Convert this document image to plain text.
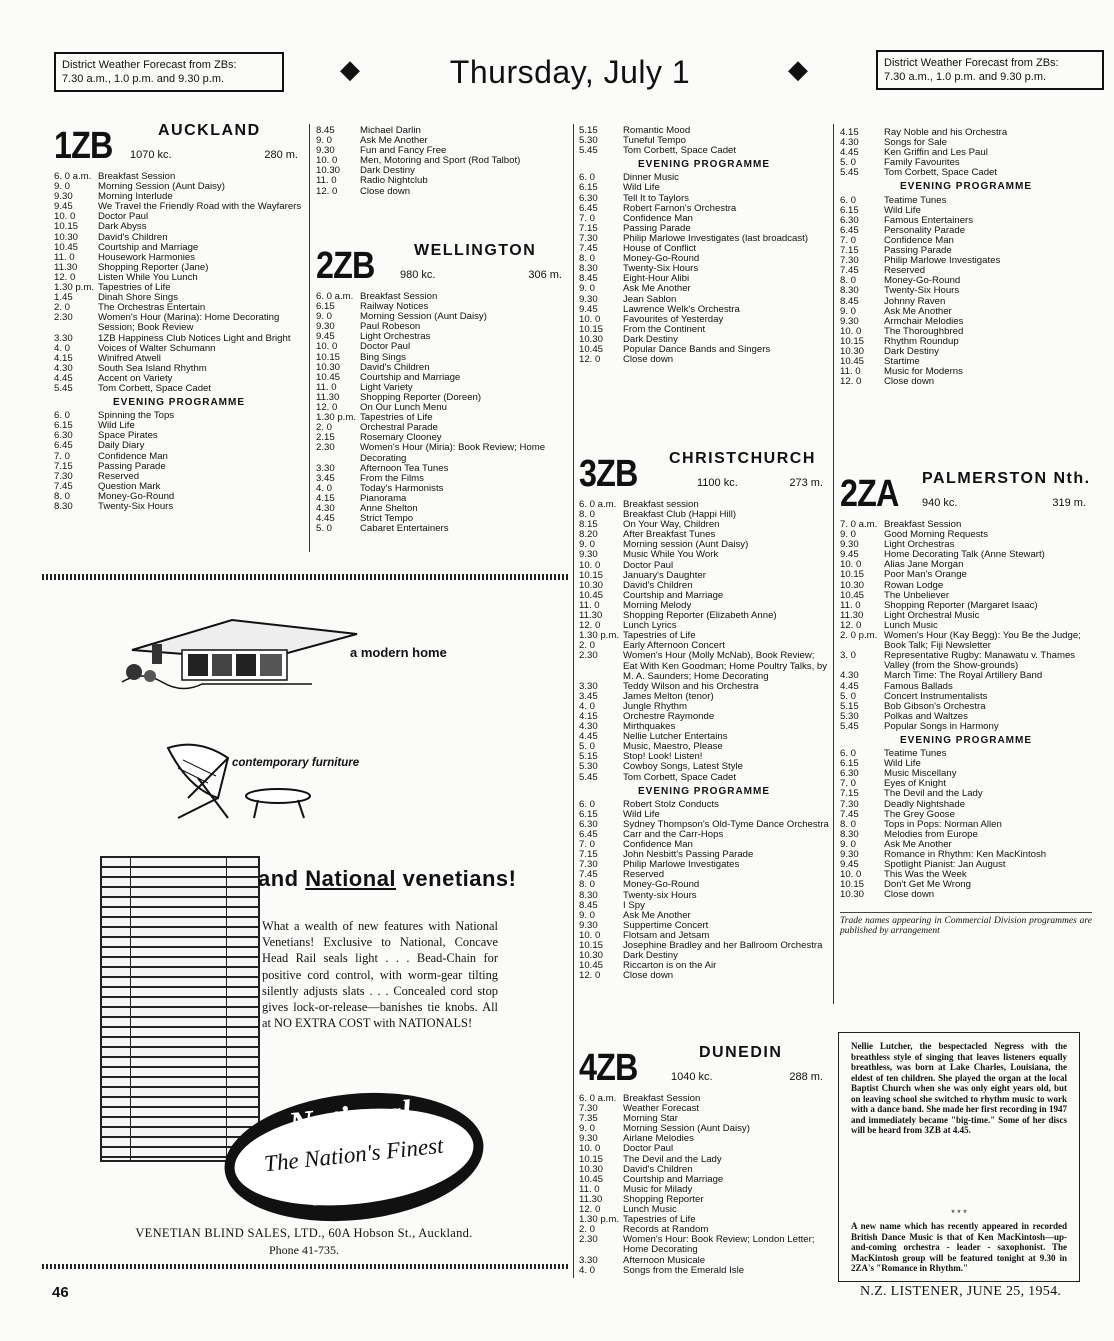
District Weather Forecast from ZBs:
7.30 a.m., 1.0 p.m. and 9.30 p.m.	◆	Thursday, July 1	◆	District Weather Forecast from ZBs:
7.30 a.m., 1.0 p.m. and 9.30 p.m.
1ZB	AUCKLAND
1070 kc.	280 m.
6. 0 a.m. Breakfast Session
9. 0	Morning Session (Aunt Daisy)
9.30	Morning Interlude
9.45	We Travel the Friendly Road with the Wayfarers
10. 0	Doctor Paul
10.15	Dark Abyss
10.30	David's Children
10.45	Courtship and Marriage
11. 0	Housework Harmonies
11.30	Shopping Reporter (Jane)
12. 0	Listen While You Lunch
1.30 p.m. Tapestries of Life
1.45	Dinah Shore Sings
2. 0	The Orchestras Entertain
2.30	Women's Hour (Marina): Home Decorating Session; Book Review
3.30	1ZB Happiness Club Notices Light and Bright
4. 0	Voices of Walter Schumann
4.15	Winifred Atwell
4.30	South Sea Island Rhythm
4.45	Accent on Variety
5.45	Tom Corbett, Space Cadet
EVENING PROGRAMME
6. 0	Spinning the Tops
6.15	Wild Life
6.30	Space Pirates
6.45	Daily Diary
7. 0	Confidence Man
7.15	Passing Parade
7.30	Reserved
7.45	Question Mark
8. 0	Money-Go-Round
8.30	Twenty-Six Hours
8.45	Michael Darlin
9. 0	Ask Me Another
9.30	Fun and Fancy Free
10. 0	Men, Motoring and Sport (Rod Talbot)
10.30	Dark Destiny
11. 0	Radio Nightclub
12. 0	Close down
2ZB WELLINGTON
980 kc.	306 m.
6. 0 a.m. Breakfast Session
6.15	Railway Notices
9. 0	Morning Session (Aunt Daisy)
9.30	Paul Robeson
9.45	Light Orchestras
10. 0	Doctor Paul
10.15	Bing Sings
10.30	David's Children
10.45	Courtship and Marriage
11. 0	Light Variety
11.30	Shopping Reporter (Doreen)
12. 0	On Our Lunch Menu
1.30 p.m. Tapestries of Life
2. 0	Orchestral Parade
2.15	Rosemary Clooney
2.30	Women's Hour (Miria): Book Review; Home Decorating
3.30	Afternoon Tea Tunes
3.45	From the Films
4. 0	Today's Harmonists
4.15	Pianorama
4.30	Anne Shelton
4.45	Strict Tempo
5. 0	Cabaret Entertainers
5.15	Romantic Mood
5.30	Tuneful Tempo
5.45	Tom Corbett, Space Cadet
EVENING PROGRAMME
6. 0	Dinner Music
6.15	Wild Life
6.30	Tell It to Taylors
6.45	Robert Farnon's Orchestra
7. 0	Confidence Man
7.15	Passing Parade
7.30	Philip Marlowe Investigates (last broadcast)
7.45	House of Conflict
8. 0	Money-Go-Round
8.30	Twenty-Six Hours
8.45	Eight-Hour Alibi
9. 0	Ask Me Another
9.30	Jean Sablon
9.45	Lawrence Welk's Orchestra
10. 0	Favourites of Yesterday
10.15	From the Continent
10.30	Dark Destiny
10.45	Popular Dance Bands and Singers
12. 0	Close down
3ZB CHRISTCHURCH
1100 kc.	273 m.
6. 0 a.m. Breakfast session
8. 0	Breakfast Club (Happi Hill)
8.15	On Your Way, Children
8.20	After Breakfast Tunes
9. 0	Morning session (Aunt Daisy)
9.30	Music While You Work
10. 0	Doctor Paul
10.15	January's Daughter
10.30	David's Children
10.45	Courtship and Marriage
11. 0	Morning Melody
11.30	Shopping Reporter (Elizabeth Anne)
12. 0	Lunch Lyrics
1.30 p.m. Tapestries of Life
2. 0	Early Afternoon Concert
2.30	Women's Hour (Molly McNab), Book Review; Eat With Ken Goodman; Home Poultry Talks, by M. A. Saunders; Home Decorating
3.30	Teddy Wilson and his Orchestra
3.45	James Melton (tenor)
4. 0	Jungle Rhythm
4.15	Orchestre Raymonde
4.30	Mirthquakes
4.45	Nellie Lutcher Entertains
5. 0	Music, Maestro, Please
5.15	Stop! Look! Listen!
5.30	Cowboy Songs, Latest Style
5.45	Tom Corbett, Space Cadet
EVENING PROGRAMME
6. 0	Robert Stolz Conducts
6.15	Wild Life
6.30	Sydney Thompson's Old-Tyme Dance Orchestra
6.45	Carr and the Carr-Hops
7. 0	Confidence Man
7.15	John Nesbitt's Passing Parade
7.30	Philip Marlowe Investigates
7.45	Reserved
8. 0	Money-Go-Round
8.30	Twenty-six Hours
8.45	I Spy
9. 0	Ask Me Another
9.30	Suppertime Concert
10. 0	Flotsam and Jetsam
10.15	Josephine Bradley and her Ballroom Orchestra
10.30	Dark Destiny
10.45	Riccarton is on the Air
12. 0	Close down
4ZB	DUNEDIN
1040 kc.	288 m.
6. 0 a.m. Breakfast Session
7.30	Weather Forecast
7.35	Morning Star
9. 0	Morning Session (Aunt Daisy)
9.30	Airlane Melodies
10. 0	Doctor Paul
10.15	The Devil and the Lady
10.30	David's Children
10.45	Courtship and Marriage
11. 0	Music for Milady
11.30	Shopping Reporter
12. 0	Lunch Music
1.30 p.m. Tapestries of Life
2. 0	Records at Random
2.30	Women's Hour: Book Review; London Letter; Home Decorating
3.30	Afternoon Musicale
4. 0	Songs from the Emerald Isle
4.15	Ray Noble and his Orchestra
4.30	Songs for Sale
4.45	Ken Griffin and Les Paul
5. 0	Family Favourites
5.45	Tom Corbett, Space Cadet
EVENING PROGRAMME
6. 0	Teatime Tunes
6.15	Wild Life
6.30	Famous Entertainers
6.45	Personality Parade
7. 0	Confidence Man
7.15	Passing Parade
7.30	Philip Marlowe Investigates
7.45	Reserved
8. 0	Money-Go-Round
8.30	Twenty-Six Hours
8.45	Johnny Raven
9. 0	Ask Me Another
9.30	Armchair Melodies
10. 0	The Thoroughbred
10.15	Rhythm Roundup
10.30	Dark Destiny
10.45	Startime
11. 0	Music for Moderns
12. 0	Close down
2ZA PALMERSTON Nth.
940 kc.	319 m.
7. 0 a.m. Breakfast Session
9. 0	Good Morning Requests
9.30	Light Orchestras
9.45	Home Decorating Talk (Anne Stewart)
10. 0	Alias Jane Morgan
10.15	Poor Man's Orange
10.30	Rowan Lodge
10.45	The Unbeliever
11. 0	Shopping Reporter (Margaret Isaac)
11.30	Light Orchestral Music
12. 0	Lunch Music
2. 0 p.m. Women's Hour (Kay Begg): You Be the Judge; Book Talk; Fiji Newsletter
3. 0	Representative Rugby: Manawatu v. Thames Valley (from the Show-grounds)
4.30	March Time: The Royal Artillery Band
4.45	Famous Ballads
5. 0	Concert Instrumentalists
5.15	Bob Gibson's Orchestra
5.30	Polkas and Waltzes
5.45	Popular Songs in Harmony
EVENING PROGRAMME
6. 0	Teatime Tunes
6.15	Wild Life
6.30	Music Miscellany
7. 0	Eyes of Knight
7.15	The Devil and the Lady
7.30	Deadly Nightshade
7.45	The Grey Goose
8. 0	Tops in Pops: Norman Allen
8.30	Melodies from Europe
9. 0	Ask Me Another
9.30	Romance in Rhythm: Ken MacKintosh
9.45	Spotlight Pianist: Jan August
10. 0	This Was the Week
10.15	Don't Get Me Wrong
10.30	Close down
Trade names appearing in Commercial Division programmes are published by arrangement
Nellie Lutcher, the bespectacled Negress with the breathless style of singing that leaves listeners equally breathless, was born at Lake Charles, Louisiana, the eldest of ten children. She played the organ at the local Baptist Church when she was only eight years old, but on leaving school she switched to rhythm music to work with a dance band. She made her first recording in 1947 and immediately became "big-time." Some of her discs will be heard from 3ZB at 4.45.
* * *
A new name which has recently appeared in recorded British Dance Music is that of Ken MacKintosh—up-and-coming orchestra - leader - saxophonist. The MacKintosh group will be featured tonight at 9.30 in 2ZA's "Romance in Rhythm."
a modern home
contemporary furniture
and National venetians!
What a wealth of new features with National Venetians! Exclusive to National, Concave Head Rail seals light . . . Bead-Chain for positive cord control, with worm-gear tilting silently adjusts slats . . . Concealed cord stop gives lock-or-release—banishes tie knobs. All at NO EXTRA COST with NATIONALS!
National
The Nation's Finest
Blinds
VENETIAN BLIND SALES, LTD., 60A Hobson St., Auckland.
Phone 41-735.
46	N.Z. LISTENER, JUNE 25, 1954.
